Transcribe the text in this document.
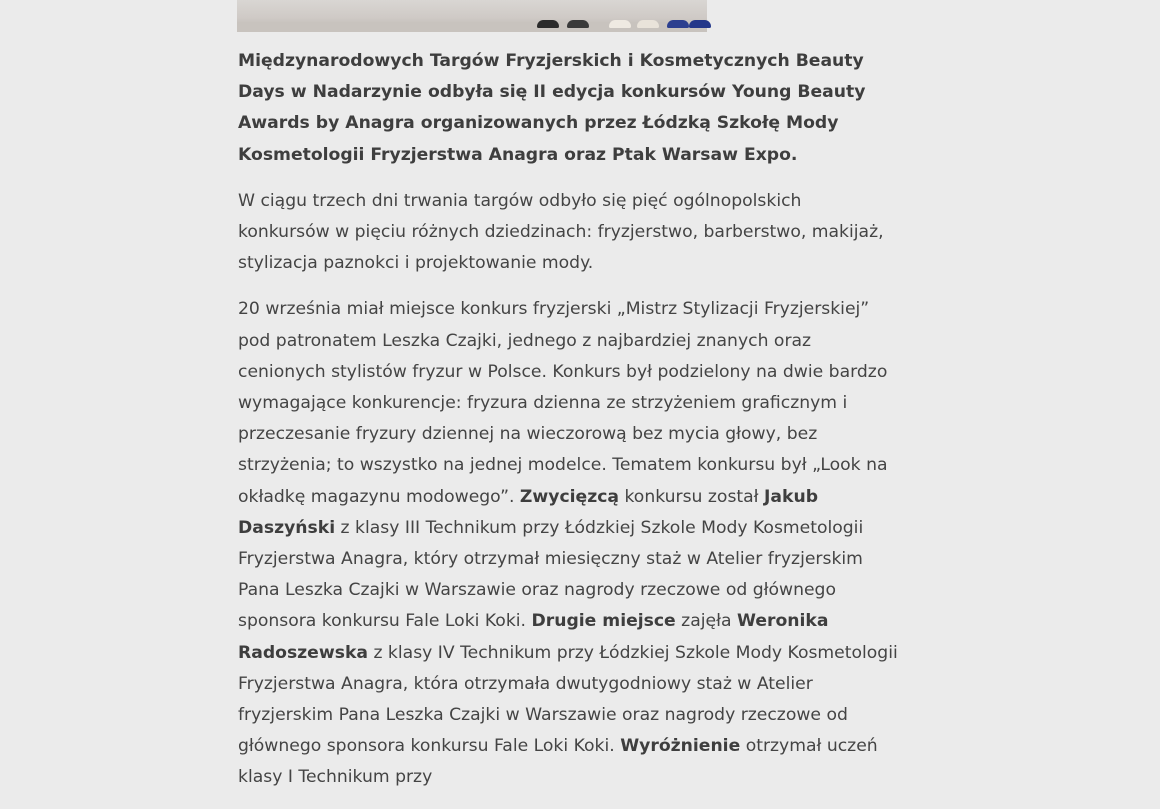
Międzynarodowych Targów Fryzjerskich i Kosmetycznych Beauty Days w Nadarzynie odbyła się II edycja konkursów Young Beauty Awards by Anagra organizowanych przez Łódzką Szkołę Mody Kosmetologii Fryzjerstwa Anagra oraz Ptak Warsaw Expo.

W ciągu trzech dni trwania targów odbyło się pięć ogólnopolskich konkursów w pięciu różnych dziedzinach: fryzjerstwo, barberstwo, makijaż, stylizacja paznokci i projektowanie mody.

20 września miał miejsce konkurs fryzjerski „Mistrz Stylizacji Fryzjerskiej” pod patronatem Leszka Czajki, jednego z najbardziej znanych oraz cenionych stylistów fryzur w Polsce. Konkurs był podzielony na dwie bardzo wymagające konkurencje: fryzura dzienna ze strzyżeniem graficznym i przeczesanie fryzury dziennej na wieczorową bez mycia głowy, bez strzyżenia; to wszystko na jednej modelce. Tematem konkursu był „Look na okładkę magazynu modowego”. Zwycięzcą konkursu został Jakub Daszyński z klasy III Technikum przy Łódzkiej Szkole Mody Kosmetologii Fryzjerstwa Anagra, który otrzymał miesięczny staż w Atelier fryzjerskim Pana Leszka Czajki w Warszawie oraz nagrody rzeczowe od głównego sponsora konkursu Fale Loki Koki. Drugie miejsce zajęła Weronika Radoszewska z klasy IV Technikum przy Łódzkiej Szkole Mody Kosmetologii Fryzjerstwa Anagra, która otrzymała dwutygodniowy staż w Atelier fryzjerskim Pana Leszka Czajki w Warszawie oraz nagrody rzeczowe od głównego sponsora konkursu Fale Loki Koki. Wyróżnienie otrzymał uczeń klasy I Technikum przy
